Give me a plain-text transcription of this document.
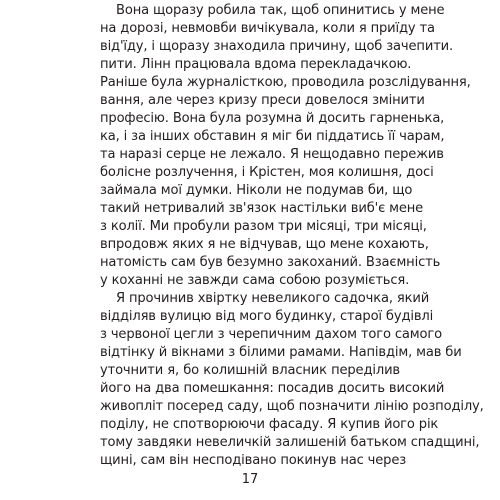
Вона щоразу робила так, щоб опинитись у мене
на дорозі, невмовби вичікувала, коли я приїду та
від'їду, і щоразу знаходила причину, щоб зачепити.
пити. Лінн працювала вдома перекладачкою.
Раніше була журналісткою, проводила розслідування,
вання, але через кризу преси довелося змінити
професію. Вона була розумна й досить гарненька,
ка, і за інших обставин я міг би піддатись її чарам,
та наразі серце не лежало. Я нещодавно пережив
болісне розлучення, і Крістен, моя колишня, досі
займала мої думки. Ніколи не подумав би, що
такий нетривалий зв'язок настільки виб'є мене
з колії. Ми пробули разом три місяці, три місяці,
впродовж яких я не відчував, що мене кохають,
натомість сам був безумно закоханий. Взаємність
у коханні не завжди сама собою розуміється.
Я прочинив хвіртку невеликого садочка, який
відділяв вулицю від мого будинку, старої будівлі
з червоної цегли з черепичним дахом того самого
відтінку й вікнами з білими рамами. Напівдім, мав би
уточнити я, бо колишній власник переділив
його на два помешкання: посадив досить високий
живопліт посеред саду, щоб позначити лінію розподілу,
поділу, не спотворюючи фасаду. Я купив його рік
тому завдяки невеличкій залишеній батьком спадщині,
щині, сам він несподівано покинув нас через
17
